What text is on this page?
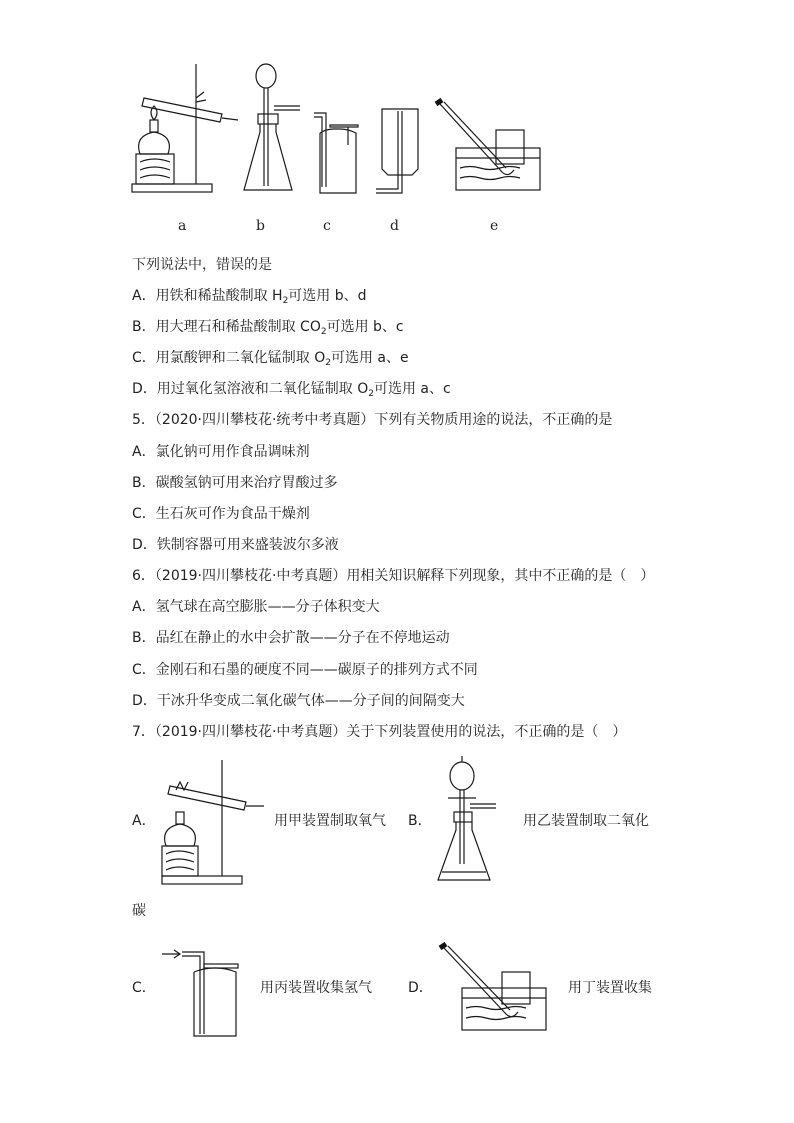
a	b	c	d	e
下列说法中，错误的是
A．用铁和稀盐酸制取 $H_2$可选用 b、d
B．用大理石和稀盐酸制取 $CO_2$可选用 b、c
C．用氯酸钾和二氧化锰制取 $O_2$可选用 a、e
D．用过氧化氢溶液和二氧化锰制取 $O_2$可选用 a、c
5．（2020·四川攀枝花·统考中考真题）下列有关物质用途的说法，不正确的是
A．氯化钠可用作食品调味剂
B．碳酸氢钠可用来治疗胃酸过多
C．生石灰可作为食品干燥剂
D．铁制容器可用来盛装波尔多液
6．（2019·四川攀枝花·中考真题）用相关知识解释下列现象，其中不正确的是（　）
A．氢气球在高空膨胀——分子体积变大
B．品红在静止的水中会扩散——分子在不停地运动
C．金刚石和石墨的硬度不同——碳原子的排列方式不同
D．干冰升华变成二氧化碳气体——分子间的间隔变大
7．（2019·四川攀枝花·中考真题）关于下列装置使用的说法，不正确的是（　）
A．	用甲装置制取氧气 B．	用乙装置制取二氧化
碳
C．	用丙装置收集氢气	D．	用丁装置收集
